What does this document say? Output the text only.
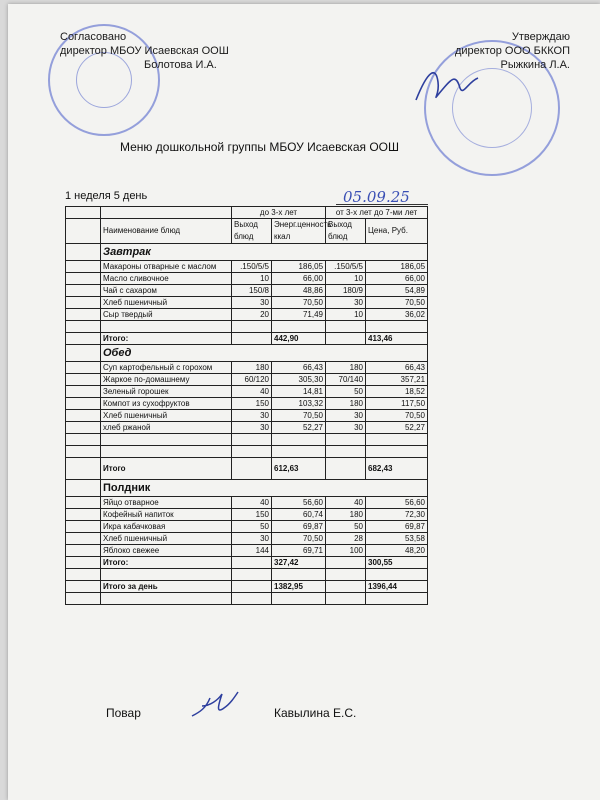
Согласовано
директор МБОУ Исаевская ООШ
Болотова И.А.
Утверждаю
директор ООО БККОП
Рыжкина Л.А.
Меню дошкольной группы МБОУ Исаевская ООШ
1 неделя 5 день	05.09.25
		до 3-х лет		от 3-х лет до 7-ми лет	
	Наименование блюд	Выход блюд	Энерг.ценность ккал	Выход блюд	Цена, Руб.
	Завтрак				
	Макароны отварные с маслом	.150/5/5	186,05	.150/5/5	186,05
	Масло сливочное	10	66,00	10	66,00
	Чай с сахаром	150/8	48,86	180/9	54,89
	Хлеб пшеничный	30	70,50	30	70,50
	Сыр твердый	20	71,49	10	36,02

	Итого:		442,90		413,46
	Обед				
	Суп картофельный с горохом	180	66,43	180	66,43
	Жаркое по-домашнему	60/120	305,30	70/140	357,21
	Зеленый горошек	40	14,81	50	18,52
	Компот из сухофруктов	150	103,32	180	117,50
	Хлеб пшеничный	30	70,50	30	70,50
	хлеб ржаной	30	52,27	30	52,27

	Итого		612,63		682,43
	Полдник				
	Яйцо отварное	40	56,60	40	56,60
	Кофейный напиток	150	60,74	180	72,30
	Икра кабачковая	50	69,87	50	69,87
	Хлеб пшеничный	30	70,50	28	53,58
	Яблоко свежее	144	69,71	100	48,20
	Итого:		327,42		300,55

	Итого за день		1382,95		1396,44

Повар	Кавылина Е.С.
